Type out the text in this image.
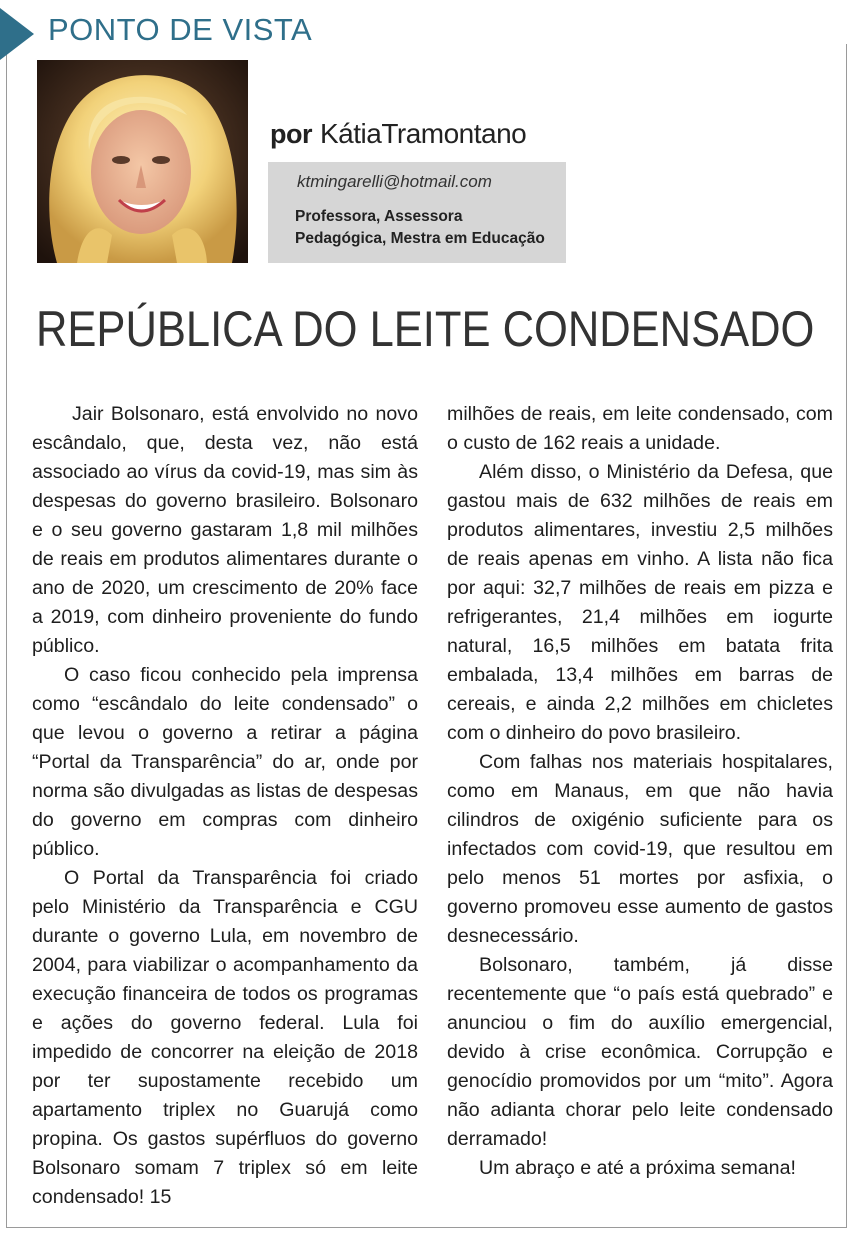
PONTO DE VISTA
por KátiaTramontano
ktmingarelli@hotmail.com
Professora, Assessora
Pedagógica, Mestra em Educação
REPÚBLICA DO LEITE CONDENSADO

Jair Bolsonaro, está envolvido no novo escândalo, que, desta vez, não está associado ao vírus da covid-19, mas sim às despesas do governo brasileiro. Bolsonaro e o seu governo gastaram 1,8 mil milhões de reais em produtos alimentares durante o ano de 2020, um crescimento de 20% face a 2019, com dinheiro proveniente do fundo público.

O caso ficou conhecido pela imprensa como “escândalo do leite condensado” o que levou o governo a retirar a página “Portal da Transparência” do ar, onde por norma são divulgadas as listas de despesas do governo em compras com dinheiro público.

O Portal da Transparência foi criado pelo Ministério da Transparência e CGU durante o governo Lula, em novembro de 2004, para viabilizar o acompanhamento da execução financeira de todos os programas e ações do governo federal. Lula foi impedido de concorrer na eleição de 2018 por ter supostamente recebido um apartamento triplex no Guarujá como propina. Os gastos supérfluos do governo Bolsonaro somam 7 triplex só em leite condensado! 15

milhões de reais, em leite condensado, com o custo de 162 reais a unidade.

Além disso, o Ministério da Defesa, que gastou mais de 632 milhões de reais em produtos alimentares, investiu 2,5 milhões de reais apenas em vinho. A lista não fica por aqui: 32,7 milhões de reais em pizza e refrigerantes, 21,4 milhões em iogurte natural, 16,5 milhões em batata frita embalada, 13,4 milhões em barras de cereais, e ainda 2,2 milhões em chicletes com o dinheiro do povo brasileiro.

Com falhas nos materiais hospitalares, como em Manaus, em que não havia cilindros de oxigénio suficiente para os infectados com covid-19, que resultou em pelo menos 51 mortes por asfixia, o governo promoveu esse aumento de gastos desnecessário.

Bolsonaro, também, já disse recentemente que “o país está quebrado” e anunciou o fim do auxílio emergencial, devido à crise econômica. Corrupção e genocídio promovidos por um “mito”. Agora não adianta chorar pelo leite condensado derramado!

Um abraço e até a próxima semana!
